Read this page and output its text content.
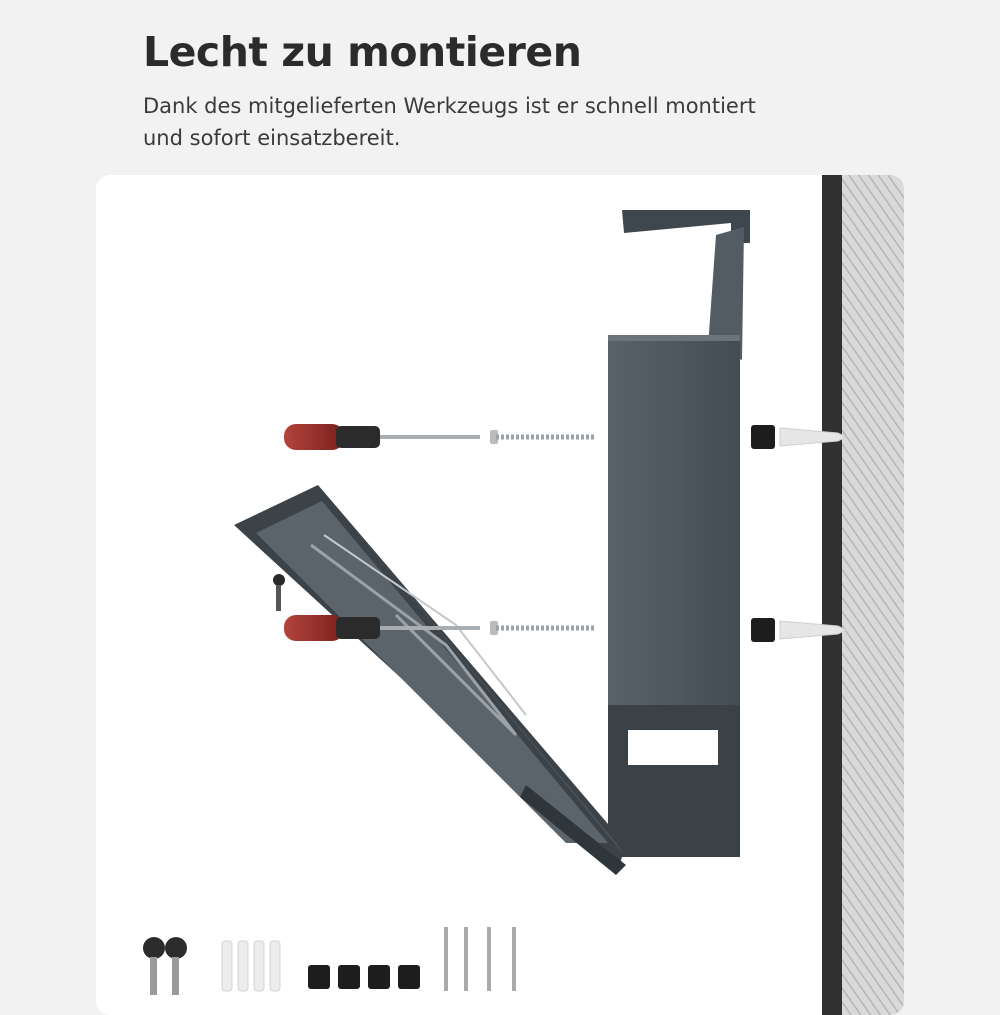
Lecht zu montieren

Dank des mitgelieferten Werkzeugs ist er schnell montiert und sofort einsatzbereit.
